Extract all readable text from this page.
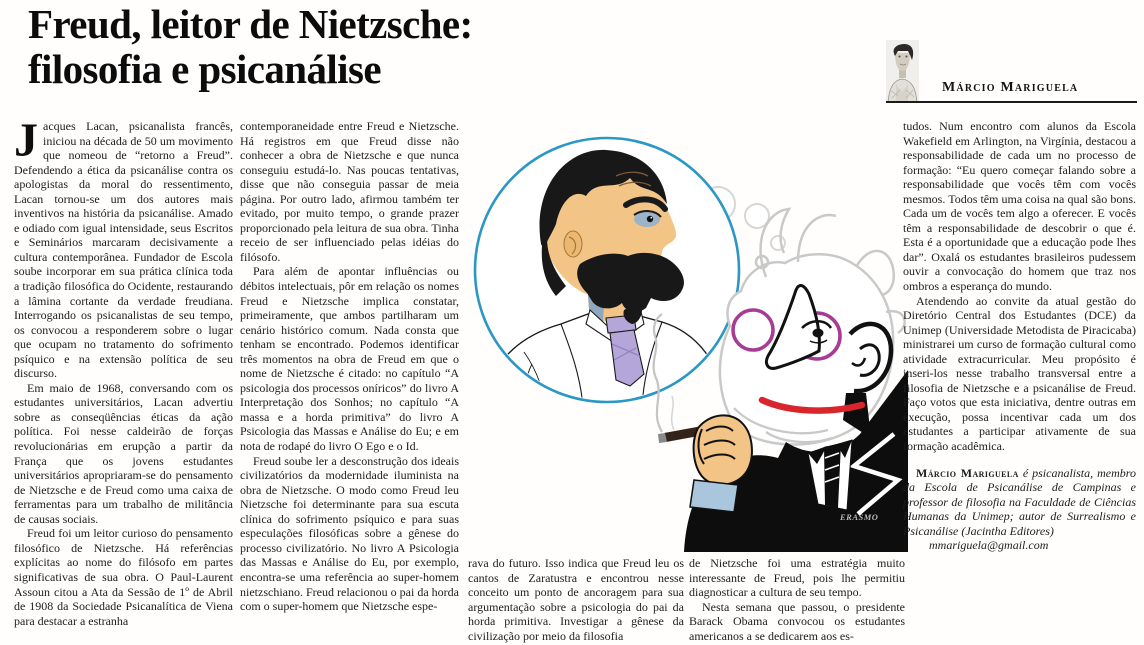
Freud, leitor de Nietzsche:
filosofia e psicanálise	Márcio Mariguela

Jacques Lacan, psicanalista francês, iniciou na década de 50 um movimento que nomeou de “retorno a Freud”. Defendendo a ética da psicanálise contra os apologistas da moral do ressentimento, Lacan tornou-se um dos autores mais inventivos na história da psicanálise. Amado e odiado com igual intensidade, seus Escritos e Seminários marcaram decisivamente a cultura contemporânea. Fundador de Escola soube incorporar em sua prática clínica toda a tradição filosófica do Ocidente, restaurando a lâmina cortante da verdade freudiana. Interrogando os psicanalistas de seu tempo, os convocou a responderem sobre o lugar que ocupam no tratamento do sofrimento psíquico e na extensão política de seu discurso.

Em maio de 1968, conversando com os estudantes universitários, Lacan advertiu sobre as conseqüências éticas da ação política. Foi nesse caldeirão de forças revolucionárias em erupção a partir da França que os jovens estudantes universitários apropriaram-se do pensamento de Nietzsche e de Freud como uma caixa de ferramentas para um trabalho de militância de causas sociais.

Freud foi um leitor curioso do pensamento filosófico de Nietzsche. Há referências explícitas ao nome do filósofo em partes significativas de sua obra. O Paul-Laurent Assoun citou a Ata da Sessão de 1º de Abril de 1908 da Sociedade Psicanalítica de Viena para destacar a estranha

contemporaneidade entre Freud e Nietzsche. Há registros em que Freud disse não conhecer a obra de Nietzsche e que nunca conseguiu estudá-lo. Nas poucas tentativas, disse que não conseguia passar de meia página. Por outro lado, afirmou também ter evitado, por muito tempo, o grande prazer proporcionado pela leitura de sua obra. Tinha receio de ser influenciado pelas idéias do filósofo.

Para além de apontar influências ou débitos intelectuais, pôr em relação os nomes Freud e Nietzsche implica constatar, primeiramente, que ambos partilharam um cenário histórico comum. Nada consta que tenham se encontrado. Podemos identificar três momentos na obra de Freud em que o nome de Nietzsche é citado: no capítulo “A psicologia dos processos oníricos” do livro A Interpretação dos Sonhos; no capítulo “A massa e a horda primitiva” do livro A Psicologia das Massas e Análise do Eu; e em nota de rodapé do livro O Ego e o Id.

Freud soube ler a desconstrução dos ideais civilizatórios da modernidade iluminista na obra de Nietzsche. O modo como Freud leu Nietzsche foi determinante para sua escuta clínica do sofrimento psíquico e para suas especulações filosóficas sobre a gênese do processo civilizatório. No livro A Psicologia das Massas e Análise do Eu, por exemplo, encontra-se uma referência ao super-homem nietzschiano. Freud relacionou o pai da horda com o super-homem que Nietzsche espe-

ERASMO

rava do futuro. Isso indica que Freud leu os cantos de Zaratustra e encontrou nesse conceito um ponto de ancoragem para sua argumentação sobre a psicologia do pai da horda primitiva. Investigar a gênese da civilização por meio da filosofia

de Nietzsche foi uma estratégia muito interessante de Freud, pois lhe permitiu diagnosticar a cultura de seu tempo.

Nesta semana que passou, o presidente Barack Obama convocou os estudantes americanos a se dedicarem aos es-

tudos. Num encontro com alunos da Escola Wakefield em Arlington, na Virgínia, destacou a responsabilidade de cada um no processo de formação: “Eu quero começar falando sobre a responsabilidade que vocês têm com vocês mesmos. Todos têm uma coisa na qual são bons. Cada um de vocês tem algo a oferecer. E vocês têm a responsabilidade de descobrir o que é. Esta é a oportunidade que a educação pode lhes dar”. Oxalá os estudantes brasileiros pudessem ouvir a convocação do homem que traz nos ombros a esperança do mundo.

Atendendo ao convite da atual gestão do Diretório Central dos Estudantes (DCE) da Unimep (Universidade Metodista de Piracicaba) ministrarei um curso de formação cultural como atividade extracurricular. Meu propósito é inseri-los nesse trabalho transversal entre a filosofia de Nietzsche e a psicanálise de Freud. Faço votos que esta iniciativa, dentre outras em execução, possa incentivar cada um dos estudantes a participar ativamente de sua formação acadêmica.

Márcio Mariguela é psicanalista, membro da Escola de Psicanálise de Campinas e professor de filosofia na Faculdade de Ciências Humanas da Unimep; autor de Surrealismo e Psicanálise (Jacintha Editores)

mmariguela@gmail.com
